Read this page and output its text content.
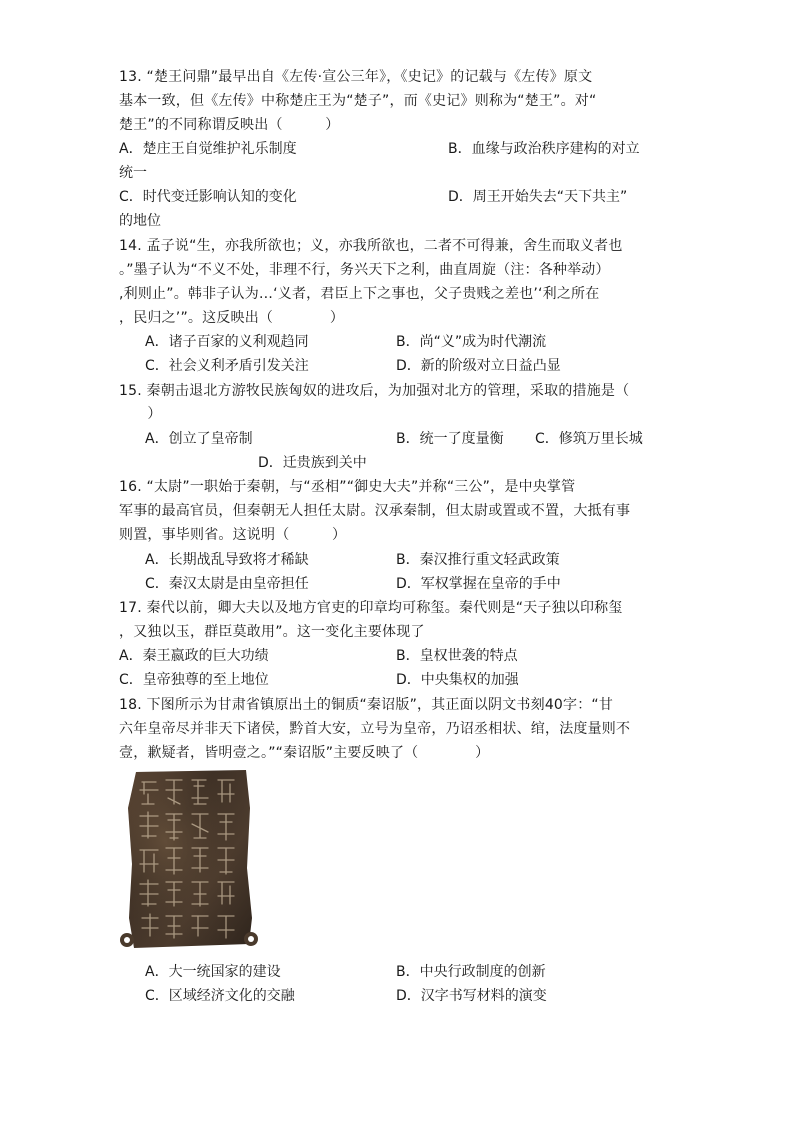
13. “楚王问鼎”最早出自《左传·宣公三年》，《史记》的记载与《左传》原文
基本一致，但《左传》中称楚庄王为“楚子”，而《史记》则称为“楚王”。对“
楚王”的不同称谓反映出（　　　）
A．楚庄王自觉维护礼乐制度	B．血缘与政治秩序建构的对立
统一
C．时代变迁影响认知的变化	D．周王开始失去“天下共主”
的地位
14. 孟子说“生，亦我所欲也；义，亦我所欲也，二者不可得兼，舍生而取义者也
。”墨子认为“不义不处，非理不行，务兴天下之利，曲直周旋（注：各种举动）
,利则止”。韩非子认为…‘义者，君臣上下之事也，父子贵贱之差也’‘利之所在
，民归之’”。这反映出（　　　　）
A．诸子百家的义利观趋同	B．尚“义”成为时代潮流
C．社会义利矛盾引发关注	D．新的阶级对立日益凸显
15. 秦朝击退北方游牧民族匈奴的进攻后，为加强对北方的管理，采取的措施是（
　　）
A．创立了皇帝制	B．统一了度量衡 C．修筑万里长城
D．迁贵族到关中
16. “太尉”一职始于秦朝，与“丞相”“御史大夫”并称“三公”，是中央掌管
军事的最高官员，但秦朝无人担任太尉。汉承秦制，但太尉或置或不置，大抵有事
则置，事毕则省。这说明（　　　）
A．长期战乱导致将才稀缺	B．秦汉推行重文轻武政策
C．秦汉太尉是由皇帝担任	D．军权掌握在皇帝的手中
17. 秦代以前，卿大夫以及地方官吏的印章均可称玺。秦代则是“天子独以印称玺
，又独以玉，群臣莫敢用”。这一变化主要体现了
A．秦王嬴政的巨大功绩	B．皇权世袭的特点
C．皇帝独尊的至上地位	D．中央集权的加强
18. 下图所示为甘肃省镇原出土的铜质“秦诏版”，其正面以阴文书刻40字：“甘
六年皇帝尽并非天下诸侯，黔首大安，立号为皇帝，乃诏丞相状、绾，法度量则不
壹，歉疑者，皆明壹之。”“秦诏版”主要反映了（　　　　）
A．大一统国家的建设	B．中央行政制度的创新
C．区域经济文化的交融	D．汉字书写材料的演变
